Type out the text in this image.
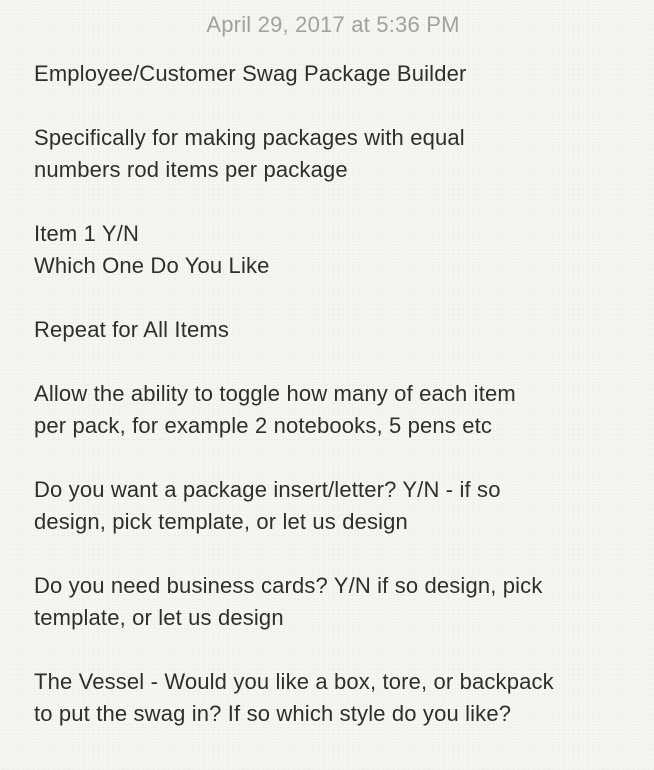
April 29, 2017 at 5:36 PM
Employee/Customer Swag Package Builder
Specifically for making packages with equal
numbers rod items per package
Item 1 Y/N
Which One Do You Like
Repeat for All Items
Allow the ability to toggle how many of each item
per pack, for example 2 notebooks, 5 pens etc
Do you want a package insert/letter? Y/N - if so
design, pick template, or let us design
Do you need business cards? Y/N if so design, pick
template, or let us design
The Vessel - Would you like a box, tore, or backpack
to put the swag in? If so which style do you like?
